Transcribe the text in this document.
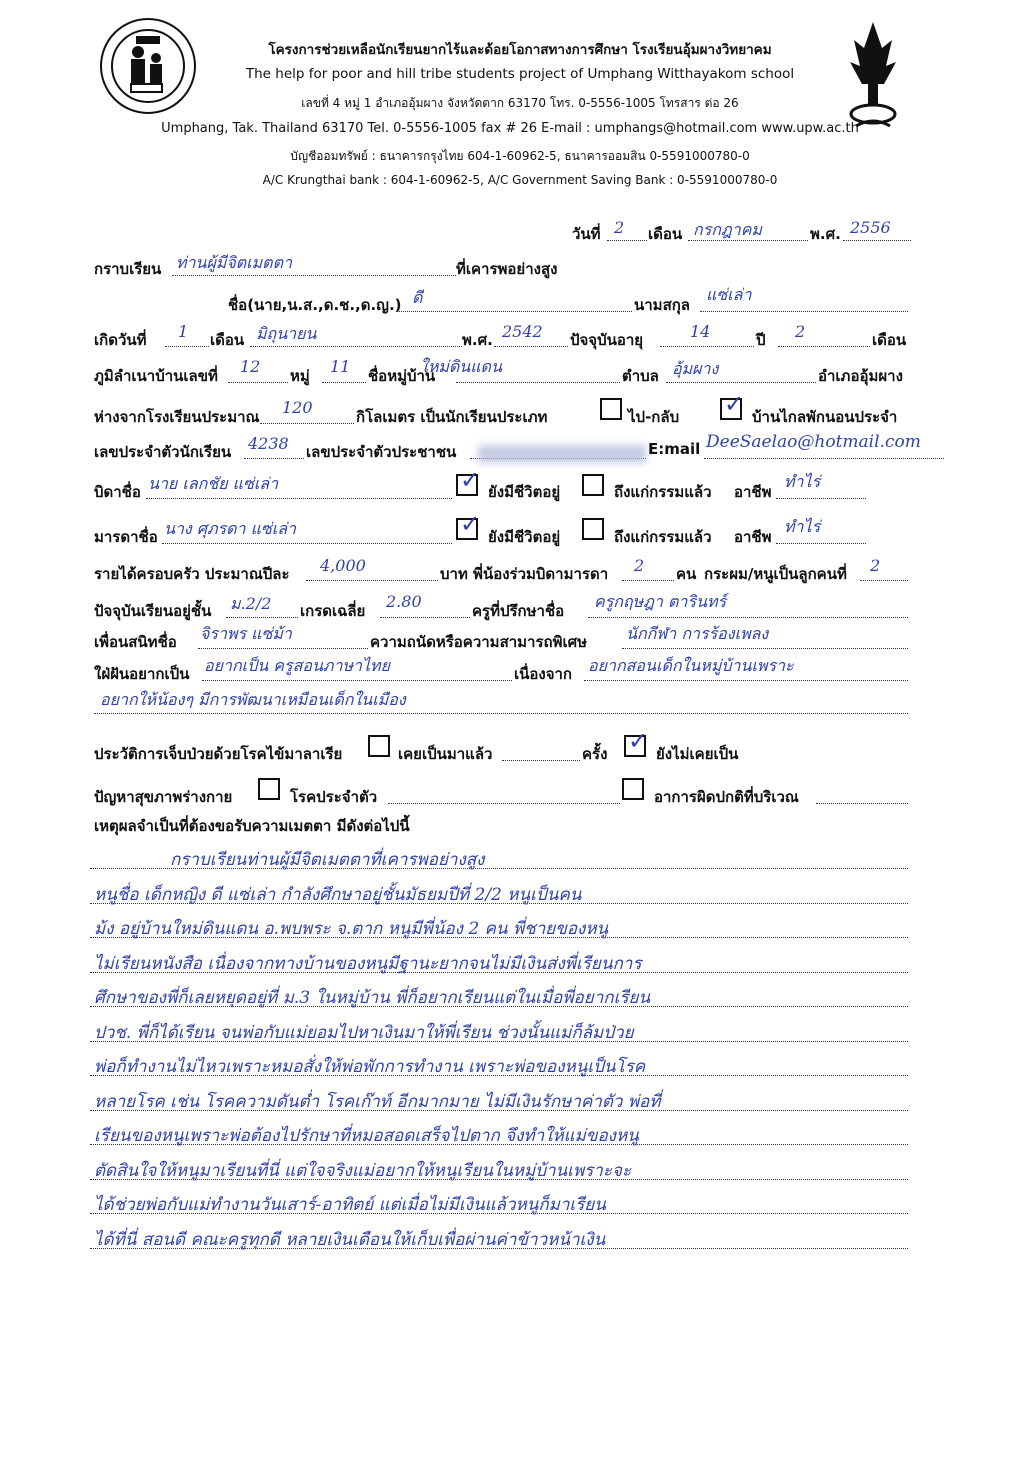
โครงการช่วยเหลือนักเรียนยากไร้และด้อยโอกาสทางการศึกษา โรงเรียนอุ้มผางวิทยาคม
The help for poor and hill tribe students project of Umphang Witthayakom school
เลขที่ 4 หมู่ 1 อำเภออุ้มผาง จังหวัดตาก 63170 โทร. 0-5556-1005 โทรสาร ต่อ 26
Umphang, Tak. Thailand 63170 Tel. 0-5556-1005 fax # 26 E-mail : umphangs@hotmail.com www.upw.ac.th
บัญชีออมทรัพย์ : ธนาคารกรุงไทย 604-1-60962-5, ธนาคารออมสิน 0-5591000780-0
A/C Krungthai bank : 604-1-60962-5, A/C Government Saving Bank : 0-5591000780-0
วันที่ 2 เดือน กรกฎาคม	พ.ศ. 2556
กราบเรียน ท่านผู้มีจิตเมตตา	ที่เคารพอย่างสูง
ชื่อ(นาย,น.ส.,ด.ช.,ด.ญ.) ดี	นามสกุล
แซ่เล่า
เกิดวันที่ 1 เดือน มิถุนายน	พ.ศ. 2542 ปัจจุบันอายุ	14	ปี 2	เดือน
ภูมิลำเนาบ้านเลขที่ 12 หมู่ 11 ชื่อหมู่บ้าน
ใหม่ดินแดน	ตำบล อุ้มผาง	อำเภออุ้มผาง
ห่างจากโรงเรียนประมาณ 120	กิโลเมตร เป็นนักเรียนประเภท	ไป-กลับ ✓ บ้านไกลพักนอนประจำ
เลขประจำตัวนักเรียน 4238 เลขประจำตัวประชาชน	E:mail DeeSaelao@hotmail.com
บิดาชื่อ นาย เลกชัย แซ่เล่า	✓ ยังมีชีวิตอยู่	ถึงแก่กรรมแล้ว อาชีพ
ทำไร่
มารดาชื่อ นาง ศุภรดา แซ่เล่า	✓ ยังมีชีวิตอยู่	ถึงแก่กรรมแล้ว อาชีพ
ทำไร่
รายได้ครอบครัว ประมาณปีละ 4,000	บาท พี่น้องร่วมบิดามารดา 2 คน กระผม/หนูเป็นลูกคนที่ 2
ปัจจุบันเรียนอยู่ชั้น ม.2/2 เกรดเฉลี่ย 2.80	ครูที่ปรึกษาชื่อ ครูกฤษฎา ตารินทร์
เพื่อนสนิทชื่อ จิราพร แซ่ม้า	ความถนัดหรือความสามารถพิเศษ นักกีฬา การร้องเพลง
ใฝ่ฝันอยากเป็น อยากเป็น ครูสอนภาษาไทย	เนื่องจาก อยากสอนเด็กในหมู่บ้านเพราะ
อยากให้น้องๆ มีการพัฒนาเหมือนเด็กในเมือง
ประวัติการเจ็บป่วยด้วยโรคไข้มาลาเรีย	เคยเป็นมาแล้ว	ครั้ง ✓ ยังไม่เคยเป็น
ปัญหาสุขภาพร่างกาย	โรคประจำตัว	อาการผิดปกติที่บริเวณ
เหตุผลจำเป็นที่ต้องขอรับความเมตตา มีดังต่อไปนี้
กราบเรียนท่านผู้มีจิตเมตตาที่เคารพอย่างสูง
หนูชื่อ เด็กหญิง ดี แซ่เล่า กำลังศึกษาอยู่ชั้นมัธยมปีที่ 2/2 หนูเป็นคน
ม้ง อยู่บ้านใหม่ดินแดน อ.พบพระ จ.ตาก หนูมีพี่น้อง 2 คน พี่ชายของหนู
ไม่เรียนหนังสือ เนื่องจากทางบ้านของหนูมีฐานะยากจนไม่มีเงินส่งพี่เรียนการ
ศึกษาของพี่ก็เลยหยุดอยู่ที่ ม.3 ในหมู่บ้าน พี่ก็อยากเรียนแต่ในเมื่อพี่อยากเรียน
ปวช. พี่ก็ได้เรียน จนพ่อกับแม่ยอมไปหาเงินมาให้พี่เรียน ช่วงนั้นแม่ก็ล้มป่วย
พ่อก็ทำงานไม่ไหวเพราะหมอสั่งให้พ่อพักการทำงาน เพราะพ่อของหนูเป็นโรค
หลายโรค เช่น โรคความดันต่ำ โรคเก๊าท์ อีกมากมาย ไม่มีเงินรักษาค่าตัว พ่อที่
เรียนของหนูเพราะพ่อต้องไปรักษาที่หมอสอดเสร็จไปตาก จึงทำให้แม่ของหนู
ตัดสินใจให้หนูมาเรียนที่นี่ แต่ใจจริงแม่อยากให้หนูเรียนในหมู่บ้านเพราะจะ
ได้ช่วยพ่อกับแม่ทำงานวันเสาร์-อาทิตย์ แต่เมื่อไม่มีเงินแล้วหนูก็มาเรียน
ได้ที่นี่ สอนดี คณะครูทุกดี หลายเงินเดือนให้เก็บเพื่อผ่านค่าข้าวหน้าเงิน
